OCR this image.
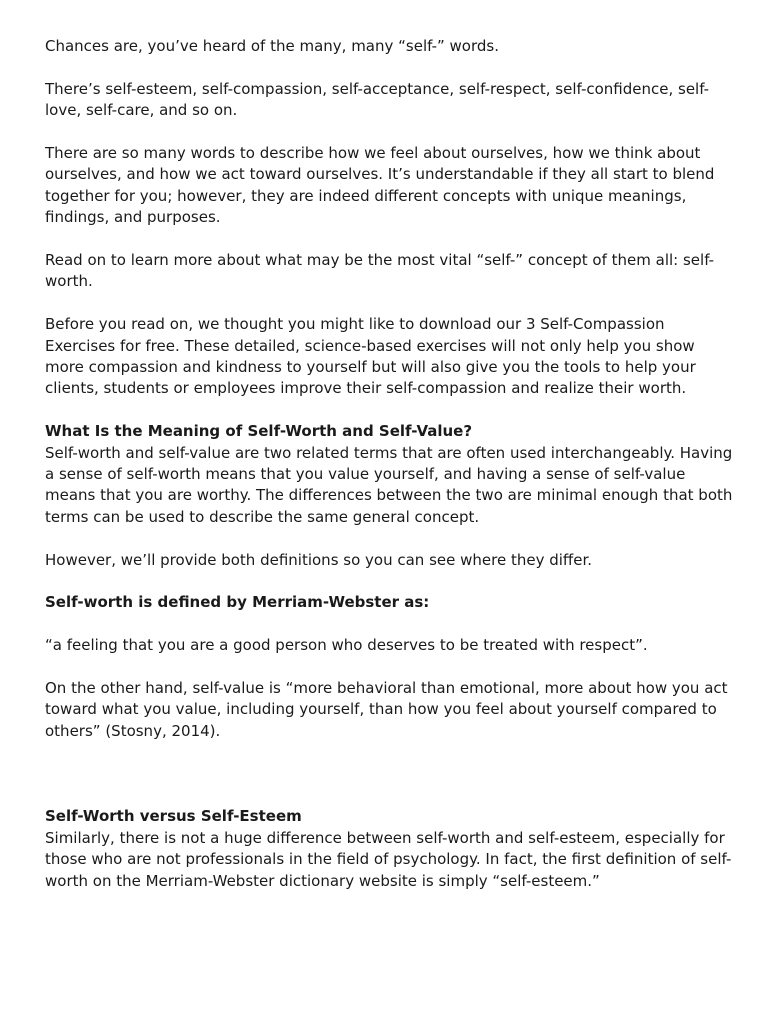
Chances are, you’ve heard of the many, many “self-” words.

There’s self-esteem, self-compassion, self-acceptance, self-respect, self-confidence, self-love, self-care, and so on.

There are so many words to describe how we feel about ourselves, how we think about ourselves, and how we act toward ourselves. It’s understandable if they all start to blend together for you; however, they are indeed different concepts with unique meanings, findings, and purposes.

Read on to learn more about what may be the most vital “self-” concept of them all: self-worth.

Before you read on, we thought you might like to download our 3 Self-Compassion Exercises for free. These detailed, science-based exercises will not only help you show more compassion and kindness to yourself but will also give you the tools to help your clients, students or employees improve their self-compassion and realize their worth.

What Is the Meaning of Self-Worth and Self-Value?

Self-worth and self-value are two related terms that are often used interchangeably. Having a sense of self-worth means that you value yourself, and having a sense of self-value means that you are worthy. The differences between the two are minimal enough that both terms can be used to describe the same general concept.

However, we’ll provide both definitions so you can see where they differ.

Self-worth is defined by Merriam-Webster as:

“a feeling that you are a good person who deserves to be treated with respect”.

On the other hand, self-value is “more behavioral than emotional, more about how you act toward what you value, including yourself, than how you feel about yourself compared to others” (Stosny, 2014).

Self-Worth versus Self-Esteem

Similarly, there is not a huge difference between self-worth and self-esteem, especially for those who are not professionals in the field of psychology. In fact, the first definition of self-worth on the Merriam-Webster dictionary website is simply “self-esteem.”
